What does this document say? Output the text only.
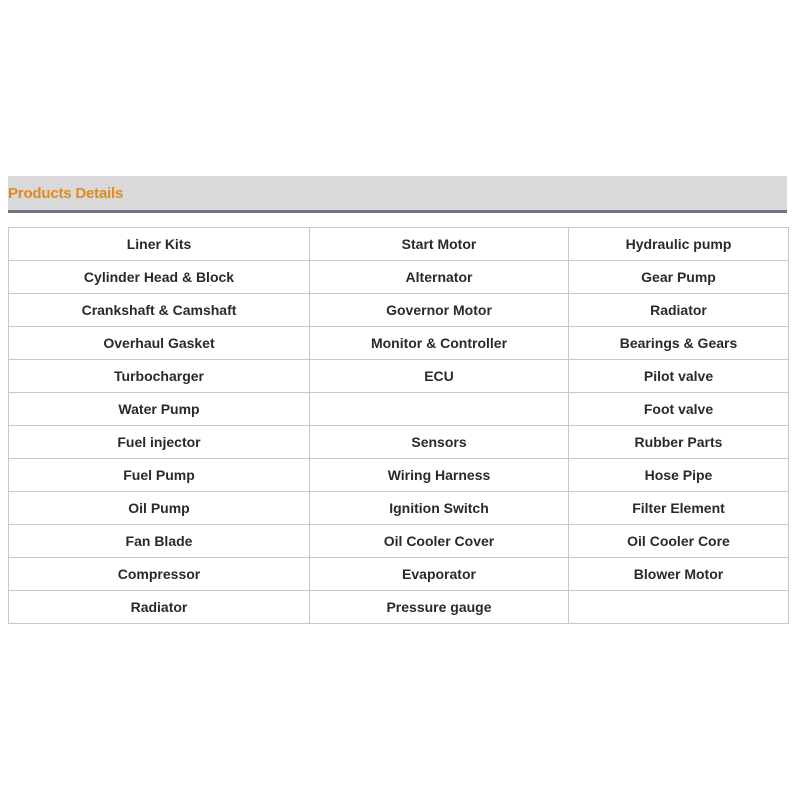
Products Details
Liner Kits	Start Motor	Hydraulic pump
Cylinder Head & Block	Alternator	Gear Pump
Crankshaft & Camshaft	Governor Motor	Radiator
Overhaul Gasket	Monitor & Controller	Bearings & Gears
Turbocharger	ECU	Pilot valve
Water Pump		Foot valve
Fuel injector	Sensors	Rubber Parts
Fuel Pump	Wiring Harness	Hose Pipe
Oil Pump	Ignition Switch	Filter Element
Fan Blade	Oil Cooler Cover	Oil Cooler Core
Compressor	Evaporator	Blower Motor
Radiator	Pressure gauge	
